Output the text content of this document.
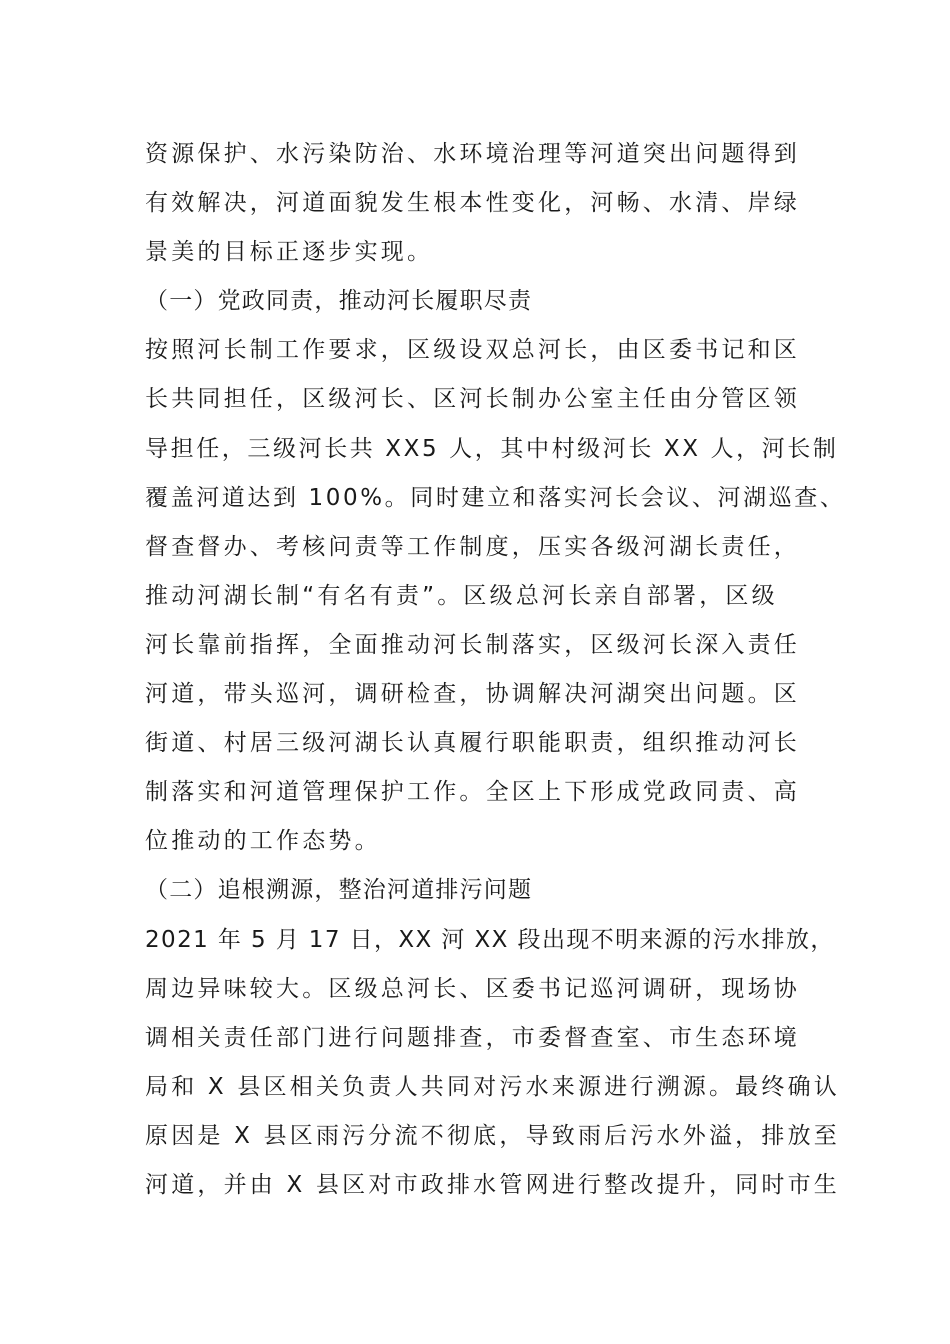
资源保护、水污染防治、水环境治理等河道突出问题得到
有效解决，河道面貌发生根本性变化，河畅、水清、岸绿
景美的目标正逐步实现。
（一）党政同责，推动河长履职尽责
按照河长制工作要求，区级设双总河长，由区委书记和区
长共同担任，区级河长、区河长制办公室主任由分管区领
导担任，三级河长共 XX5 人，其中村级河长 XX 人，河长制
覆盖河道达到 100%。同时建立和落实河长会议、河湖巡查、
督查督办、考核问责等工作制度，压实各级河湖长责任，
推动河湖长制“有名有责”。区级总河长亲自部署，区级
河长靠前指挥，全面推动河长制落实，区级河长深入责任
河道，带头巡河，调研检查，协调解决河湖突出问题。区
街道、村居三级河湖长认真履行职能职责，组织推动河长
制落实和河道管理保护工作。全区上下形成党政同责、高
位推动的工作态势。
（二）追根溯源，整治河道排污问题
2021 年 5 月 17 日，XX 河 XX 段出现不明来源的污水排放，
周边异味较大。区级总河长、区委书记巡河调研，现场协
调相关责任部门进行问题排查，市委督查室、市生态环境
局和 X 县区相关负责人共同对污水来源进行溯源。最终确认
原因是 X 县区雨污分流不彻底，导致雨后污水外溢，排放至
河道，并由 X 县区对市政排水管网进行整改提升，同时市生
